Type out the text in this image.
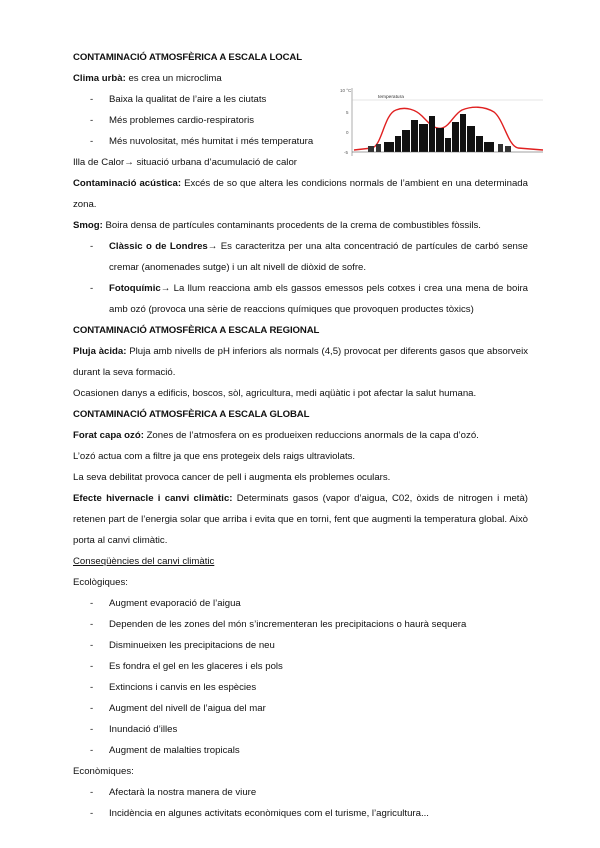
CONTAMINACIÓ ATMOSFÈRICA A ESCALA LOCAL
Clima urbà: es crea un microclima
- Baixa la qualitat de l’aire a les ciutats
- Més problemes cardio-respiratoris
- Més nuvolositat, més humitat i més temperatura
Illa de Calor→ situació urbana d’acumulació de calor
Contaminació acústica: Excés de so que altera les condicions normals de l’ambient en una determinada zona.
Smog: Boira densa de partícules contaminants procedents de la crema de combustibles fòssils.
- Clàssic o de Londres→ Es caracteritza per una alta concentració de partícules de carbó sense cremar (anomenades sutge) i un alt nivell de diòxid de sofre.
- Fotoquímic→ La llum reacciona amb els gassos emessos pels cotxes i crea una mena de boira amb ozó (provoca una sèrie de reaccions químiques que provoquen productes tòxics)
CONTAMINACIÓ ATMOSFÈRICA A ESCALA REGIONAL
Pluja àcida: Pluja amb nivells de pH inferiors als normals (4,5) provocat per diferents gasos que absorveix durant la seva formació.
Ocasionen danys a edificis, boscos, sòl, agricultura, medi aqüàtic i pot afectar la salut humana.
CONTAMINACIÓ ATMOSFÈRICA A ESCALA GLOBAL
Forat capa ozó: Zones de l’atmosfera on es produeixen reduccions anormals de la capa d’ozó.
L’ozó actua com a filtre ja que ens protegeix dels raigs ultraviolats.
La seva debilitat provoca cancer de pell i augmenta els problemes oculars.
Efecte hivernacle i canvi climàtic: Determinats gasos (vapor d’aigua, C02, òxids de nitrogen i metà) retenen part de l’energia solar que arriba i evita que en torni, fent que augmenti la temperatura global. Això porta al canvi climàtic.
Conseqüències del canvi climàtic
Ecològiques:
- Augment evaporació de l’aigua
- Dependen de les zones del món s’incrementeran les precipitacions o haurà sequera
- Disminueixen les precipitacions de neu
- Es fondra el gel en les glaceres i els pols
- Extincions i canvis en les espècies
- Augment del nivell de l’aigua del mar
- Inundació d’illes
- Augment de malalties tropicals
Econòmiques:
- Afectarà la nostra manera de viure
- Incidència en algunes activitats econòmiques com el turisme, l’agricultura...
10 °C
5
0
-5
temperatura
